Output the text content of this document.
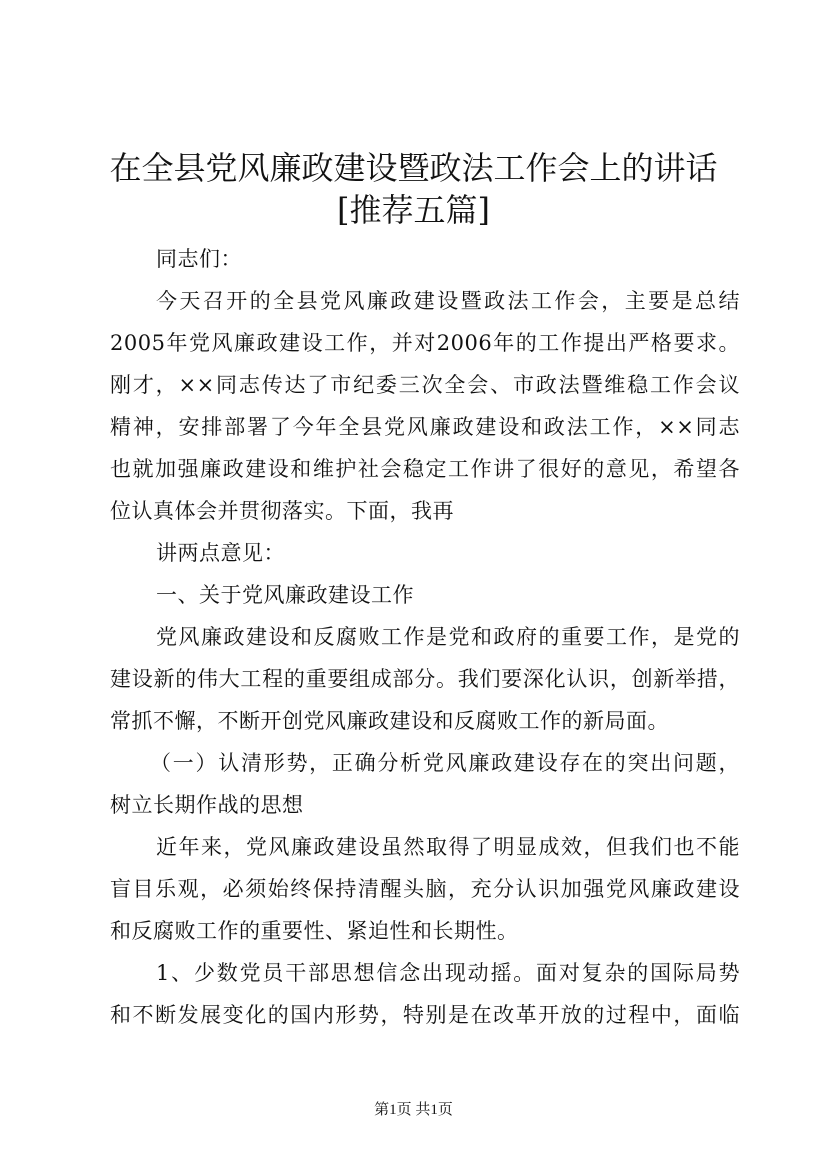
在全县党风廉政建设暨政法工作会上的讲话
[推荐五篇]

同志们：

今天召开的全县党风廉政建设暨政法工作会，主要是总结

2005年党风廉政建设工作，并对2006年的工作提出严格要求。

刚才，××同志传达了市纪委三次全会、市政法暨维稳工作会议

精神，安排部署了今年全县党风廉政建设和政法工作，××同志

也就加强廉政建设和维护社会稳定工作讲了很好的意见，希望各

位认真体会并贯彻落实。下面，我再

讲两点意见：

一、关于党风廉政建设工作

党风廉政建设和反腐败工作是党和政府的重要工作，是党的

建设新的伟大工程的重要组成部分。我们要深化认识，创新举措，

常抓不懈，不断开创党风廉政建设和反腐败工作的新局面。

（一）认清形势，正确分析党风廉政建设存在的突出问题，

树立长期作战的思想

近年来，党风廉政建设虽然取得了明显成效，但我们也不能

盲目乐观，必须始终保持清醒头脑，充分认识加强党风廉政建设

和反腐败工作的重要性、紧迫性和长期性。

1、少数党员干部思想信念出现动摇。面对复杂的国际局势

和不断发展变化的国内形势，特别是在改革开放的过程中，面临

第1页 共1页
